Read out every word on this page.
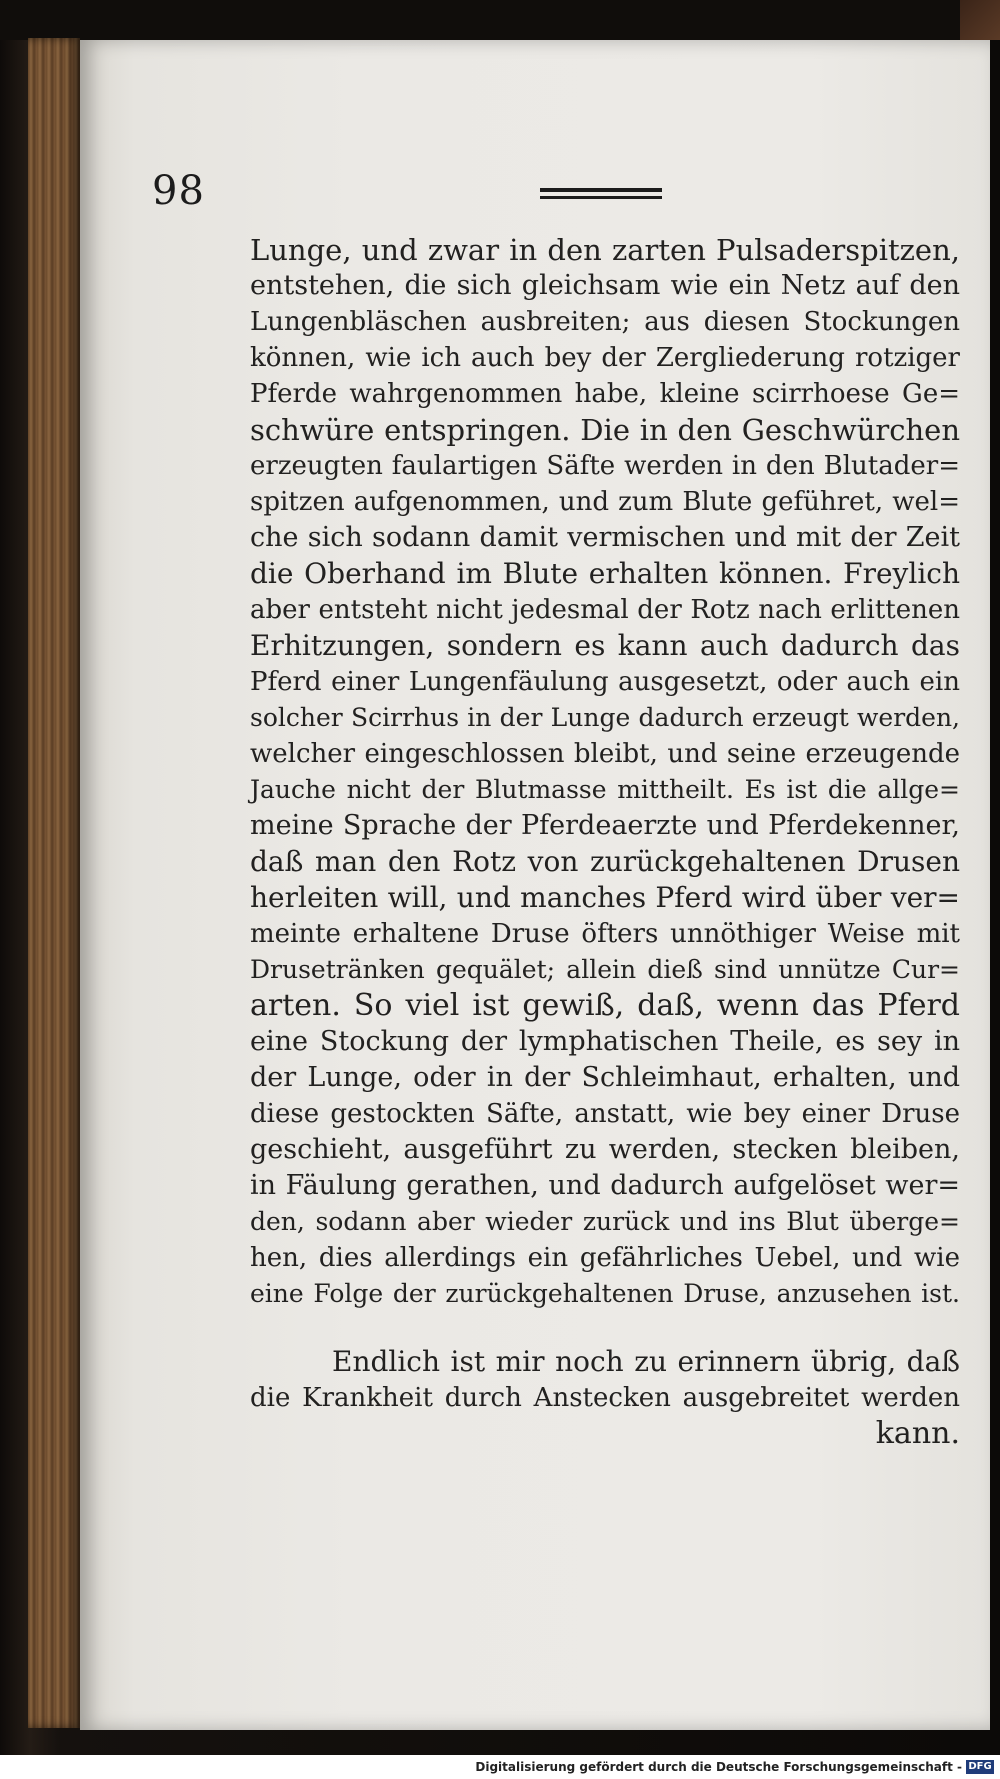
98
Lunge, und zwar in den zarten Pulsaderspitzen,
entstehen, die sich gleichsam wie ein Netz auf den
Lungenbläschen ausbreiten; aus diesen Stockungen
können, wie ich auch bey der Zergliederung rotziger
Pferde wahrgenommen habe, kleine scirrhoese Ge=
schwüre entspringen. Die in den Geschwürchen
erzeugten faulartigen Säfte werden in den Blutader=
spitzen aufgenommen, und zum Blute geführet, wel=
che sich sodann damit vermischen und mit der Zeit
die Oberhand im Blute erhalten können. Freylich
aber entsteht nicht jedesmal der Rotz nach erlittenen
Erhitzungen, sondern es kann auch dadurch das
Pferd einer Lungenfäulung ausgesetzt, oder auch ein
solcher Scirrhus in der Lunge dadurch erzeugt werden,
welcher eingeschlossen bleibt, und seine erzeugende
Jauche nicht der Blutmasse mittheilt. Es ist die allge=
meine Sprache der Pferdeaerzte und Pferdekenner,
daß man den Rotz von zurückgehaltenen Drusen
herleiten will, und manches Pferd wird über ver=
meinte erhaltene Druse öfters unnöthiger Weise mit
Drusetränken gequälet; allein dieß sind unnütze Cur=
arten. So viel ist gewiß, daß, wenn das Pferd
eine Stockung der lymphatischen Theile, es sey in
der Lunge, oder in der Schleimhaut, erhalten, und
diese gestockten Säfte, anstatt, wie bey einer Druse
geschieht, ausgeführt zu werden, stecken bleiben,
in Fäulung gerathen, und dadurch aufgelöset wer=
den, sodann aber wieder zurück und ins Blut überge=
hen, dies allerdings ein gefährliches Uebel, und wie
eine Folge der zurückgehaltenen Druse, anzusehen ist.
Endlich ist mir noch zu erinnern übrig, daß
die Krankheit durch Anstecken ausgebreitet werden
kann.
Digitalisierung gefördert durch die Deutsche Forschungsgemeinschaft - DFG
